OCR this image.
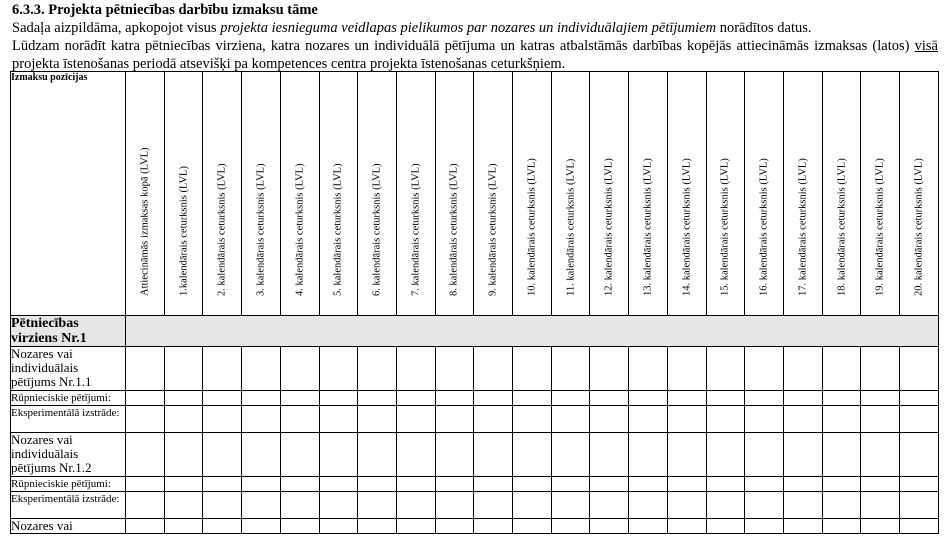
6.3.3. Projekta pētniecības darbību izmaksu tāme
Sadaļa aizpildāma, apkopojot visus projekta iesnieguma veidlapas pielikumos par nozares un individuālajiem pētījumiem norādītos datus.
Lūdzam norādīt katra pētniecības virziena, katra nozares un individuālā pētījuma un katras atbalstāmās darbības kopējās attiecināmās izmaksas (latos) visā projekta īstenošanas periodā atsevišķi pa kompetences centra projekta īstenošanas ceturkšņiem.
Izmaksu pozīcijas	Attiecināmās izmaksas kopā (LVL)	1.kalendārais ceturksnis (LVL)	2. kalendārais ceturksnis (LVL)	3. kalendārais ceturksnis (LVL)	4. kalendārais ceturksnis (LVL)	5. kalendārais ceturksnis (LVL)	6. kalendārais ceturksnis (LVL)	7. kalendārais ceturksnis (LVL)	8. kalendārais ceturksnis (LVL)	9. kalendārais ceturksnis (LVL)	10. kalendārais ceturksnis (LVL)	11. kalendārais ceturksnis (LVL)	12. kalendārais ceturksnis (LVL)	13. kalendārais ceturksnis (LVL)	14. kalendārais ceturksnis (LVL)	15. kalendārais ceturksnis (LVL)	16. kalendārais ceturksnis (LVL)	17. kalendārais ceturksnis (LVL)	18. kalendārais ceturksnis (LVL)	19. kalendārais ceturksnis (LVL)	20. kalendārais ceturksnis (LVL)

Pētniecības virziens Nr.1																					
Nozares vai individuālais pētījums Nr.1.1																					
Rūpnieciskie pētījumi:																					
Eksperimentālā izstrāde:																					
Nozares vai individuālais pētījums Nr.1.2																					
Rūpnieciskie pētījumi:																					
Eksperimentālā izstrāde:																					
Nozares vai																					
